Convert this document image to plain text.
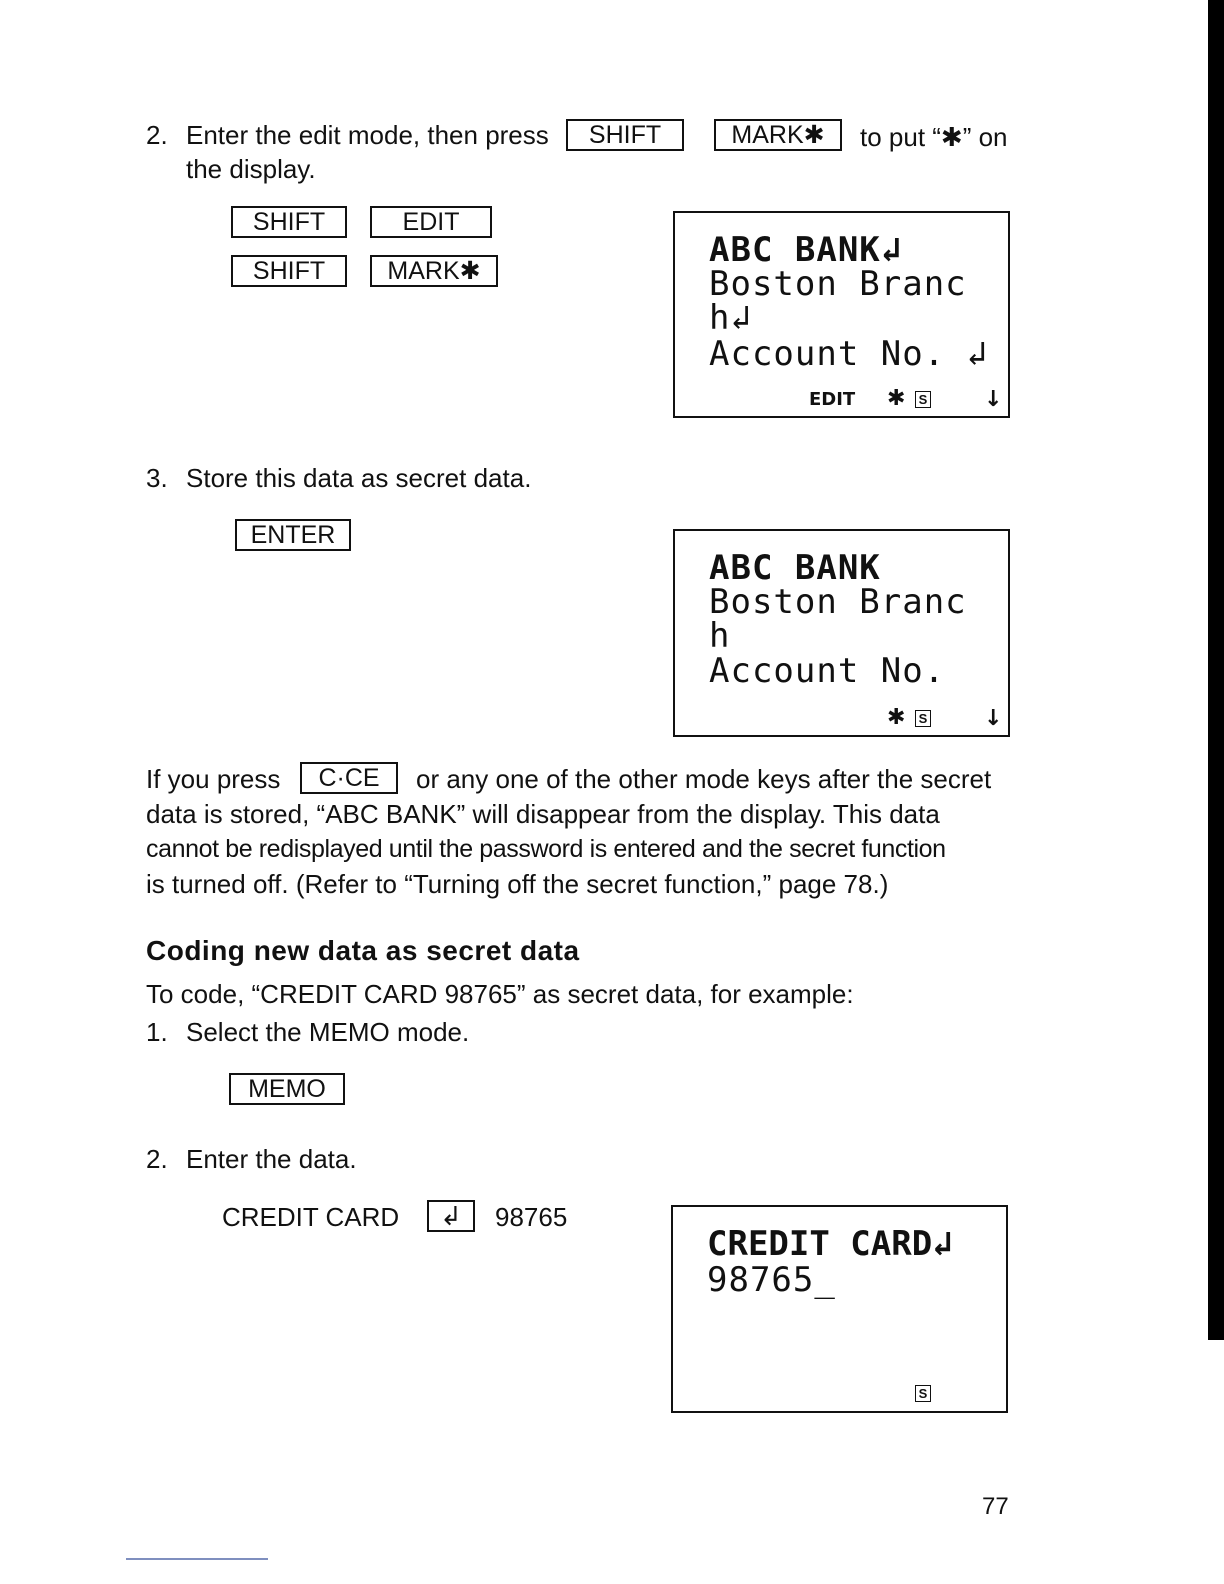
2. Enter the edit mode, then press	SHIFT	MARK✱	to put “✱” on
the display.
SHIFT	EDIT
SHIFT	MARK✱
ABC BANK↲
Boston Branc
h↲
Account No. ↲
EDIT ✱ S	↓
3. Store this data as secret data.
ENTER
ABC BANK
Boston Branc
h
Account No.
✱ S	↓
If you press	C·CE	or any one of the other mode keys after the secret
data is stored, “ABC BANK” will disappear from the display. This data
cannot be redisplayed until the password is entered and the secret function
is turned off. (Refer to “Turning off the secret function,” page 78.)
Coding new data as secret data
To code, “CREDIT CARD 98765” as secret data, for example:
1. Select the MEMO mode.
MEMO
2. Enter the data.
CREDIT CARD	↲	98765
CREDIT CARD↲
98765_
S
77
